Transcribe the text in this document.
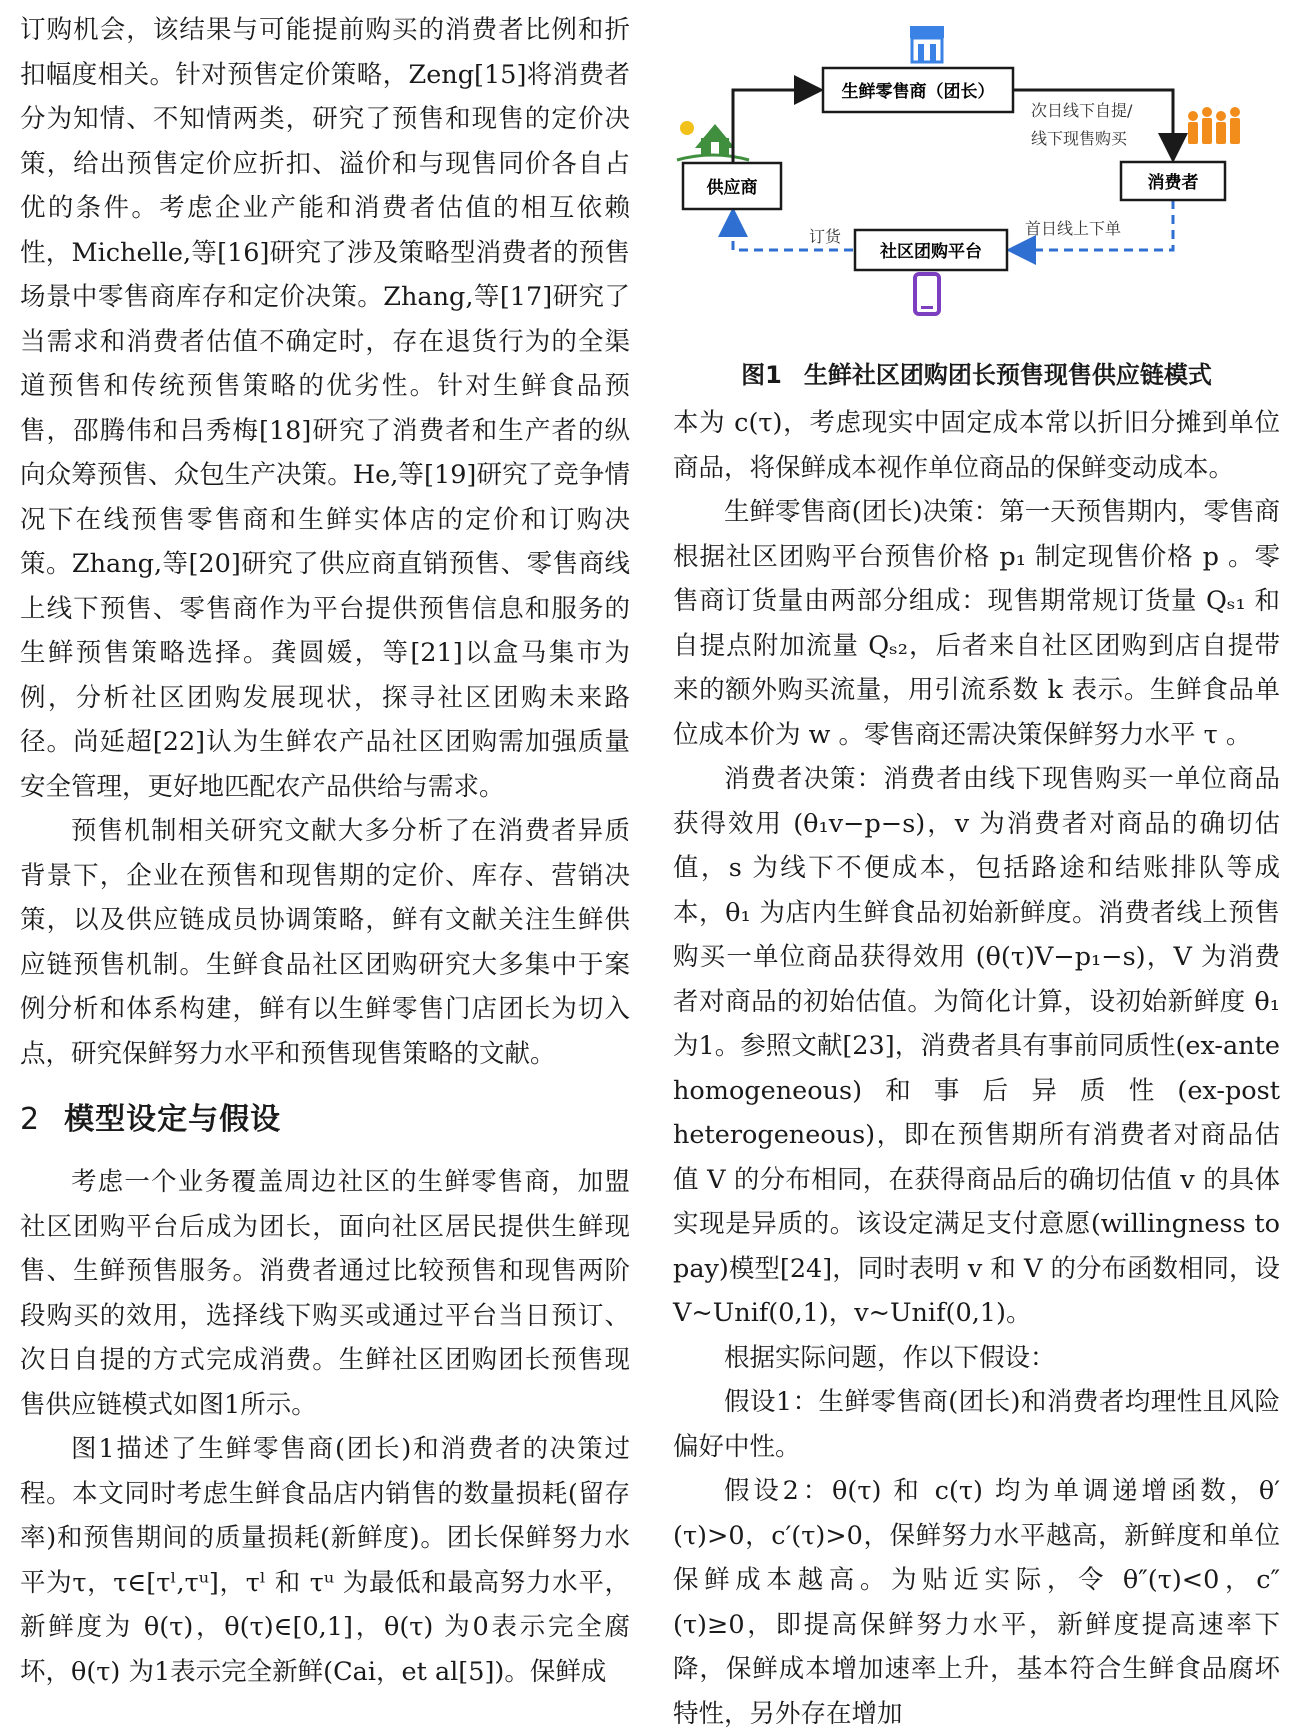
订购机会，该结果与可能提前购买的消费者比例和折扣幅度相关。针对预售定价策略，Zeng[15]将消费者分为知情、不知情两类，研究了预售和现售的定价决策，给出预售定价应折扣、溢价和与现售同价各自占优的条件。考虑企业产能和消费者估值的相互依赖性，Michelle,等[16]研究了涉及策略型消费者的预售场景中零售商库存和定价决策。Zhang,等[17]研究了当需求和消费者估值不确定时，存在退货行为的全渠道预售和传统预售策略的优劣性。针对生鲜食品预售，邵腾伟和吕秀梅[18]研究了消费者和生产者的纵向众筹预售、众包生产决策。He,等[19]研究了竞争情况下在线预售零售商和生鲜实体店的定价和订购决策。Zhang,等[20]研究了供应商直销预售、零售商线上线下预售、零售商作为平台提供预售信息和服务的生鲜预售策略选择。龚圆媛，等[21]以盒马集市为例，分析社区团购发展现状，探寻社区团购未来路径。尚延超[22]认为生鲜农产品社区团购需加强质量安全管理，更好地匹配农产品供给与需求。

预售机制相关研究文献大多分析了在消费者异质背景下，企业在预售和现售期的定价、库存、营销决策，以及供应链成员协调策略，鲜有文献关注生鲜供应链预售机制。生鲜食品社区团购研究大多集中于案例分析和体系构建，鲜有以生鲜零售门店团长为切入点，研究保鲜努力水平和预售现售策略的文献。

2 模型设定与假设

考虑一个业务覆盖周边社区的生鲜零售商，加盟社区团购平台后成为团长，面向社区居民提供生鲜现售、生鲜预售服务。消费者通过比较预售和现售两阶段购买的效用，选择线下购买或通过平台当日预订、次日自提的方式完成消费。生鲜社区团购团长预售现售供应链模式如图1所示。

图1描述了生鲜零售商(团长)和消费者的决策过程。本文同时考虑生鲜食品店内销售的数量损耗(留存率)和预售期间的质量损耗(新鲜度)。团长保鲜努力水平为τ，τ∈[τˡ,τᵘ]，τˡ 和 τᵘ 为最低和最高努力水平，新鲜度为 θ(τ)，θ(τ)∈[0,1]，θ(τ) 为0表示完全腐坏，θ(τ) 为1表示完全新鲜(Cai，et al[5])。保鲜成

生鲜零售商（团长）
供应商	消费者
社区团购平台
次日线下自提/
线下现售购买
订货	首日线上下单
图1 生鲜社区团购团长预售现售供应链模式

本为 c(τ)，考虑现实中固定成本常以折旧分摊到单位商品，将保鲜成本视作单位商品的保鲜变动成本。

生鲜零售商(团长)决策：第一天预售期内，零售商根据社区团购平台预售价格 p₁ 制定现售价格 p 。零售商订货量由两部分组成：现售期常规订货量 Qₛ₁ 和自提点附加流量 Qₛ₂，后者来自社区团购到店自提带来的额外购买流量，用引流系数 k 表示。生鲜食品单位成本价为 w 。零售商还需决策保鲜努力水平 τ 。

消费者决策：消费者由线下现售购买一单位商品获得效用 (θ₁v−p−s)，v 为消费者对商品的确切估值，s 为线下不便成本，包括路途和结账排队等成本，θ₁ 为店内生鲜食品初始新鲜度。消费者线上预售购买一单位商品获得效用 (θ(τ)V−p₁−s)，V 为消费者对商品的初始估值。为简化计算，设初始新鲜度 θ₁ 为1。参照文献[23]，消费者具有事前同质性(ex-ante homogeneous)和事后异质性(ex-post heterogeneous)，即在预售期所有消费者对商品估值 V 的分布相同，在获得商品后的确切估值 v 的具体实现是异质的。该设定满足支付意愿(willingness to pay)模型[24]，同时表明 v 和 V 的分布函数相同，设 V~Unif(0,1)，v~Unif(0,1)。

根据实际问题，作以下假设：

假设1：生鲜零售商(团长)和消费者均理性且风险偏好中性。

假设2：θ(τ) 和 c(τ) 均为单调递增函数，θ′(τ)>0，c′(τ)>0，保鲜努力水平越高，新鲜度和单位保鲜成本越高。为贴近实际，令 θ″(τ)<0，c″(τ)≥0，即提高保鲜努力水平，新鲜度提高速率下降，保鲜成本增加速率上升，基本符合生鲜食品腐坏特性，另外存在增加
